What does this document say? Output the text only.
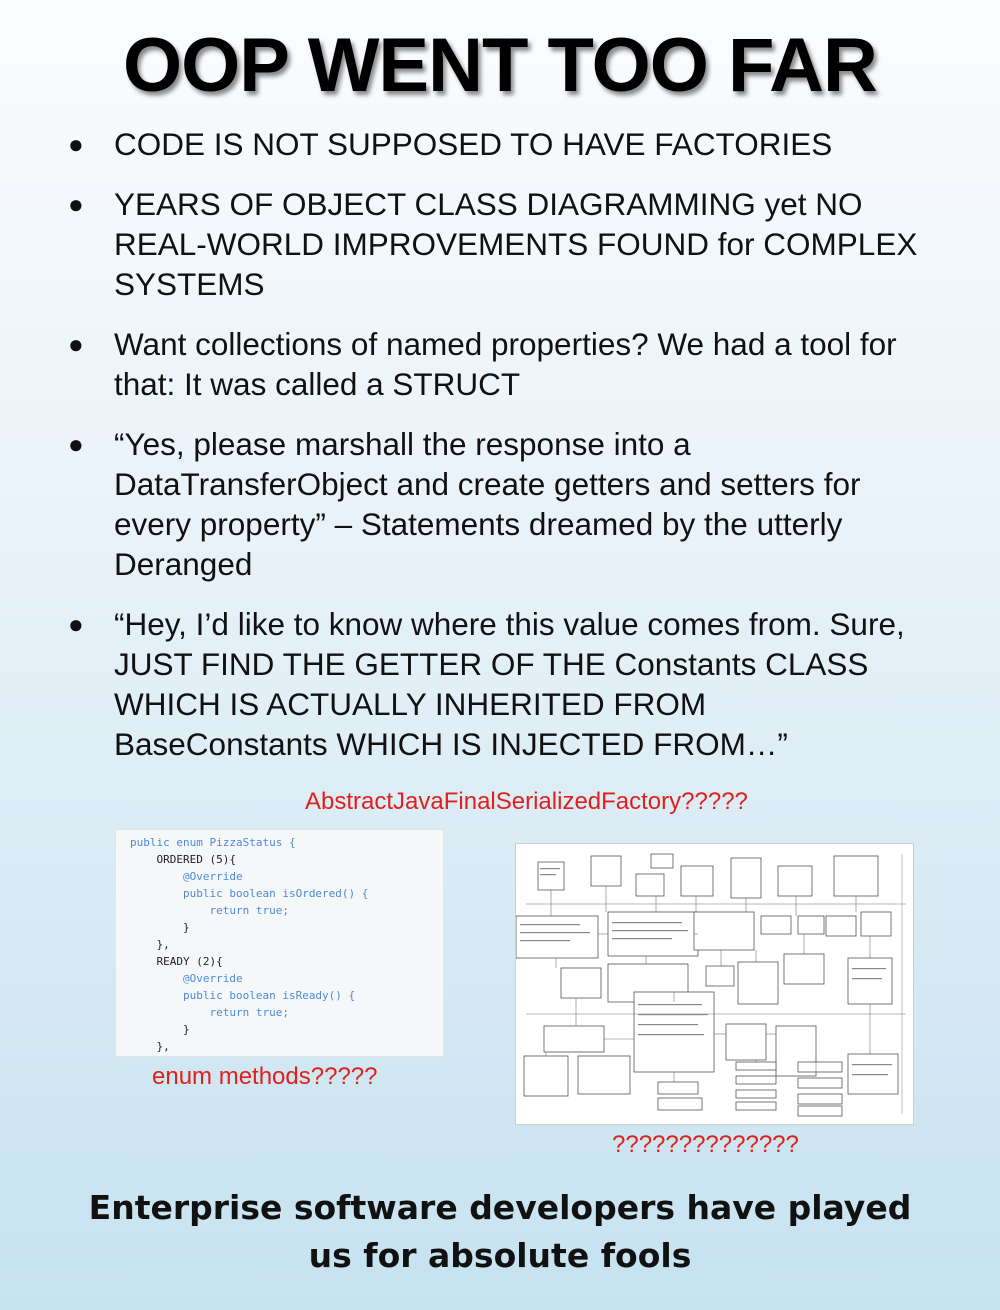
OOP WENT TOO FAR
● CODE IS NOT SUPPOSED TO HAVE FACTORIES
● YEARS OF OBJECT CLASS DIAGRAMMING yet NO REAL-WORLD IMPROVEMENTS FOUND for COMPLEX SYSTEMS
● Want collections of named properties? We had a tool for that: It was called a STRUCT
● “Yes, please marshall the response into a DataTransferObject and create getters and setters for every property” – Statements dreamed by the utterly Deranged
● “Hey, I’d like to know where this value comes from. Sure, JUST FIND THE GETTER OF THE Constants CLASS WHICH IS ACTUALLY INHERITED FROM BaseConstants WHICH IS INJECTED FROM…”
AbstractJavaFinalSerializedFactory?????
public enum PizzaStatus {
ORDERED (5){
@Override
public boolean isOrdered() {
return true;
}
},
READY (2){
@Override
public boolean isReady() {
return true;
}
},
enum methods?????
??????????????
Enterprise software developers have played
us for absolute fools
